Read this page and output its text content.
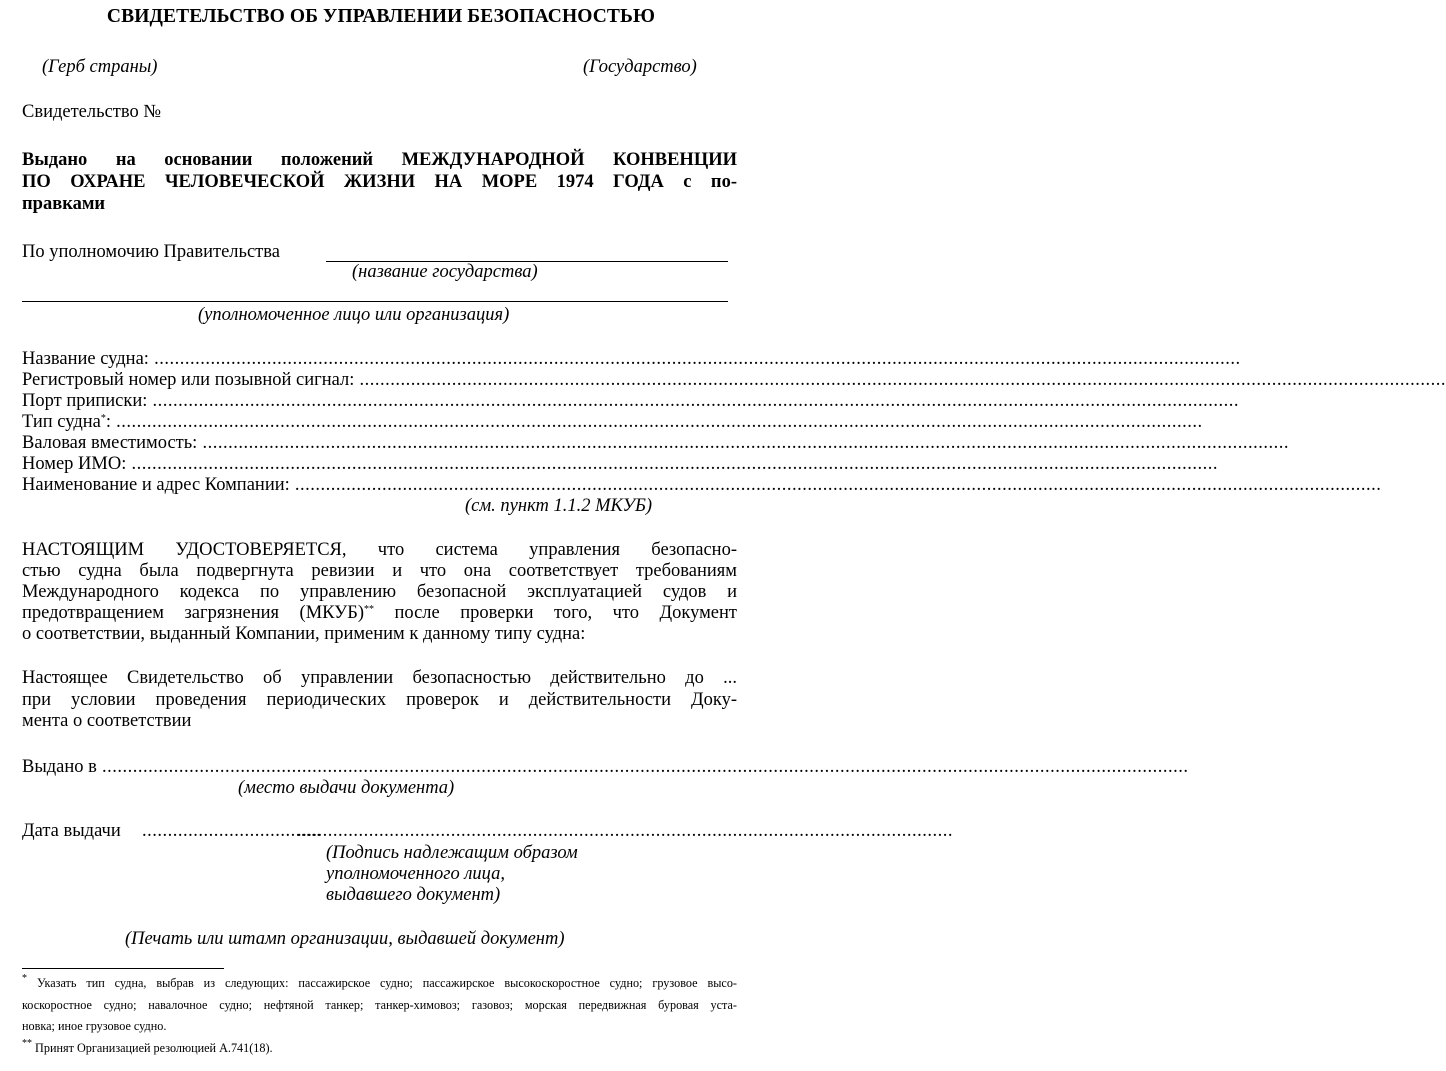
СВИДЕТЕЛЬСТВО ОБ УПРАВЛЕНИИ БЕЗОПАСНОСТЬЮ
(Герб страны)	(Государство)
Свидетельство №
Выдано на основании положений МЕЖДУНАРОДНОЙ КОНВЕНЦИИ
ПО ОХРАНЕ ЧЕЛОВЕЧЕСКОЙ ЖИЗНИ НА МОРЕ 1974 ГОДА с по-
правками
По уполномочию Правительства
(название государства)
(уполномоченное лицо или организация)
Название судна: ....................................................................................................................................................................................................................
Регистровый номер или позывной сигнал: ....................................................................................................................................................................................................................
Порт приписки: ....................................................................................................................................................................................................................
Тип судна*: ....................................................................................................................................................................................................................
Валовая вместимость: ....................................................................................................................................................................................................................
Номер ИМО: ....................................................................................................................................................................................................................
Наименование и адрес Компании: ....................................................................................................................................................................................................................
(см. пункт 1.1.2 МКУБ)
НАСТОЯЩИМ УДОСТОВЕРЯЕТСЯ, что система управления безопасно-
стью судна была подвергнута ревизии и что она соответствует требованиям
Международного кодекса по управлению безопасной эксплуатацией судов и
предотвращением загрязнения (МКУБ)** после проверки того, что Документ
о соответствии, выданный Компании, применим к данному типу судна:
Настоящее Свидетельство об управлении безопасностью действительно до ...
при условии проведения периодических проверок и действительности Доку-
мента о соответствии
Выдано в ....................................................................................................................................................................................................................
(место выдачи документа)
Дата выдачи ...................................
................................................................................................................................
(Подпись надлежащим образом
уполномоченного лица,
выдавшего документ)
(Печать или штамп организации, выдавшей документ)
* Указать тип судна, выбрав из следующих: пассажирское судно; пассажирское высокоскоростное судно; грузовое высо-
коскоростное судно; навалочное судно; нефтяной танкер; танкер-химовоз; газовоз; морская передвижная буровая уста-
новка; иное грузовое судно.
** Принят Организацией резолюцией А.741(18).
